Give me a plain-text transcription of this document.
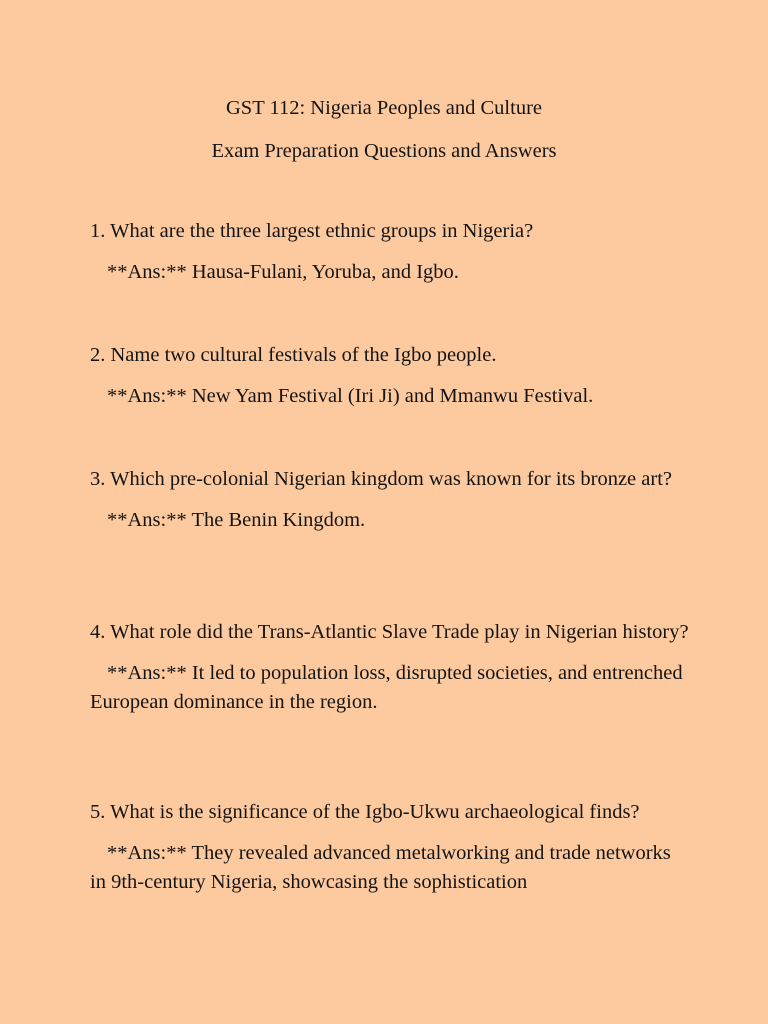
GST 112: Nigeria Peoples and Culture
Exam Preparation Questions and Answers

1. What are the three largest ethnic groups in Nigeria?

**Ans:** Hausa-Fulani, Yoruba, and Igbo.

2. Name two cultural festivals of the Igbo people.

**Ans:** New Yam Festival (Iri Ji) and Mmanwu Festival.

3. Which pre-colonial Nigerian kingdom was known for its bronze art?

**Ans:** The Benin Kingdom.

4. What role did the Trans-Atlantic Slave Trade play in Nigerian history?

**Ans:** It led to population loss, disrupted societies, and entrenched European dominance in the region.

5. What is the significance of the Igbo-Ukwu archaeological finds?

**Ans:** They revealed advanced metalworking and trade networks in 9th-century Nigeria, showcasing the sophistication
